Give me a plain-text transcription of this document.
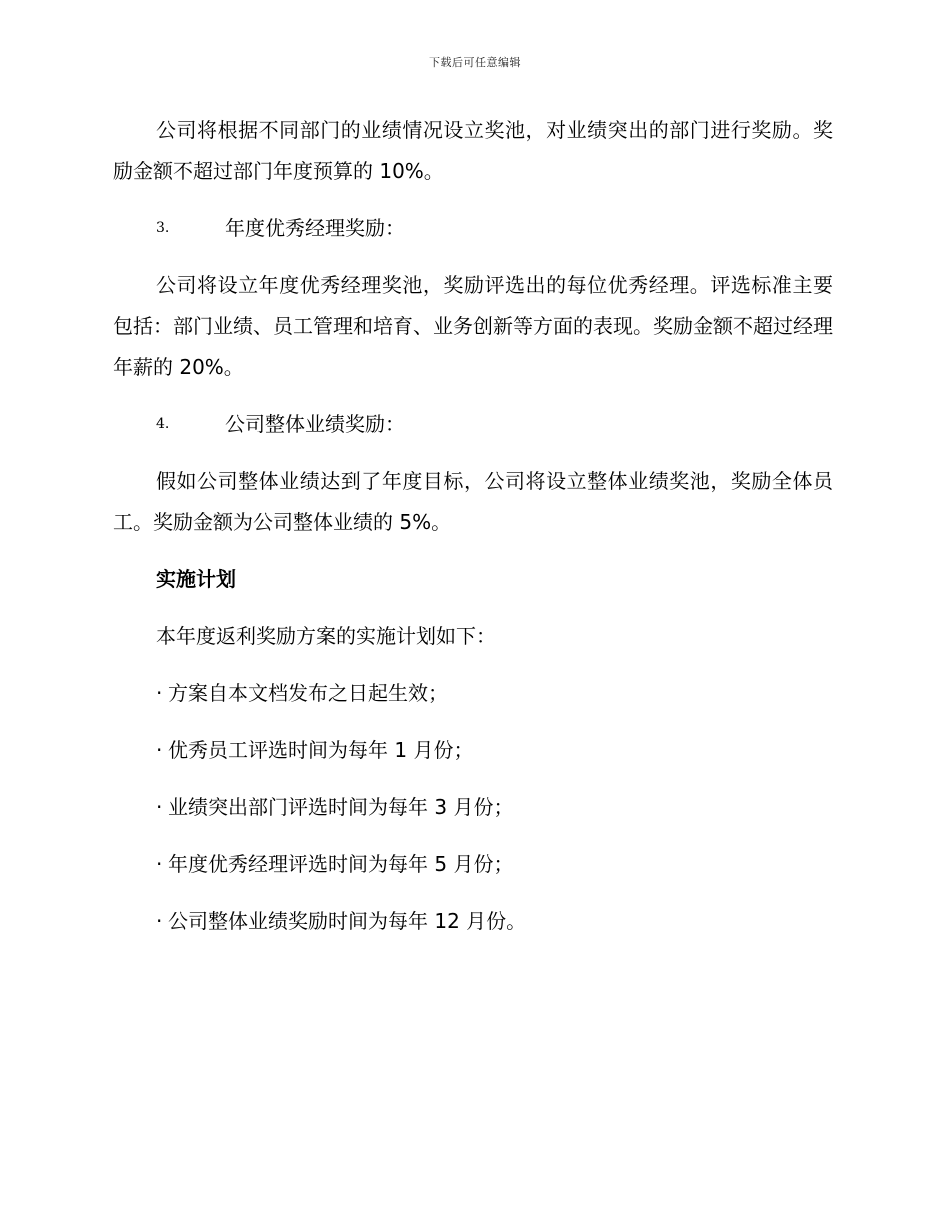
下载后可任意编辑

公司将根据不同部门的业绩情况设立奖池，对业绩突出的部门进行奖励。奖励金额不超过部门年度预算的 10%。

3.	年度优秀经理奖励：

公司将设立年度优秀经理奖池，奖励评选出的每位优秀经理。评选标准主要包括：部门业绩、员工管理和培育、业务创新等方面的表现。奖励金额不超过经理年薪的 20%。

4.	公司整体业绩奖励：

假如公司整体业绩达到了年度目标，公司将设立整体业绩奖池，奖励全体员工。奖励金额为公司整体业绩的 5%。

实施计划
本年度返利奖励方案的实施计划如下：
· 方案自本文档发布之日起生效；
· 优秀员工评选时间为每年 1 月份；
· 业绩突出部门评选时间为每年 3 月份；
· 年度优秀经理评选时间为每年 5 月份；
· 公司整体业绩奖励时间为每年 12 月份。
